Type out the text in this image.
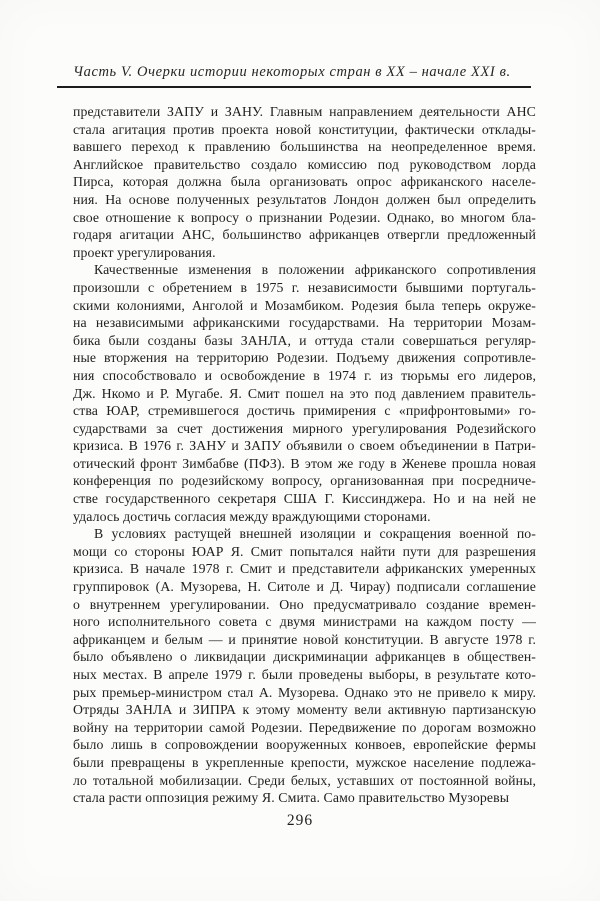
Часть V. Очерки истории некоторых стран в XX – начале XXI в.
представители ЗАПУ и ЗАНУ. Главным направлением деятельности АНС
стала агитация против проекта новой конституции, фактически отклады-
вавшего переход к правлению большинства на неопределенное время.
Английское правительство создало комиссию под руководством лорда
Пирса, которая должна была организовать опрос африканского населе-
ния. На основе полученных результатов Лондон должен был определить
свое отношение к вопросу о признании Родезии. Однако, во многом бла-
годаря агитации АНС, большинство африканцев отвергли предложенный
проект урегулирования.
Качественные изменения в положении африканского сопротивления
произошли с обретением в 1975 г. независимости бывшими португаль-
скими колониями, Анголой и Мозамбиком. Родезия была теперь окруже-
на независимыми африканскими государствами. На территории Мозам-
бика были созданы базы ЗАНЛА, и оттуда стали совершаться регуляр-
ные вторжения на территорию Родезии. Подъему движения сопротивле-
ния способствовало и освобождение в 1974 г. из тюрьмы его лидеров,
Дж. Нкомо и Р. Мугабе. Я. Смит пошел на это под давлением правитель-
ства ЮАР, стремившегося достичь примирения с «прифронтовыми» го-
сударствами за счет достижения мирного урегулирования Родезийского
кризиса. В 1976 г. ЗАНУ и ЗАПУ объявили о своем объединении в Патри-
отический фронт Зимбабве (ПФЗ). В этом же году в Женеве прошла новая
конференция по родезийскому вопросу, организованная при посредниче-
стве государственного секретаря США Г. Киссинджера. Но и на ней не
удалось достичь согласия между враждующими сторонами.
В условиях растущей внешней изоляции и сокращения военной по-
мощи со стороны ЮАР Я. Смит попытался найти пути для разрешения
кризиса. В начале 1978 г. Смит и представители африканских умеренных
группировок (А. Музорева, Н. Ситоле и Д. Чирау) подписали соглашение
о внутреннем урегулировании. Оно предусматривало создание времен-
ного исполнительного совета с двумя министрами на каждом посту —
африканцем и белым — и принятие новой конституции. В августе 1978 г.
было объявлено о ликвидации дискриминации африканцев в обществен-
ных местах. В апреле 1979 г. были проведены выборы, в результате кото-
рых премьер-министром стал А. Музорева. Однако это не привело к миру.
Отряды ЗАНЛА и ЗИПРА к этому моменту вели активную партизанскую
войну на территории самой Родезии. Передвижение по дорогам возможно
было лишь в сопровождении вооруженных конвоев, европейские фермы
были превращены в укрепленные крепости, мужское население подлежа-
ло тотальной мобилизации. Среди белых, уставших от постоянной войны,
стала расти оппозиция режиму Я. Смита. Само правительство Музоревы
296
